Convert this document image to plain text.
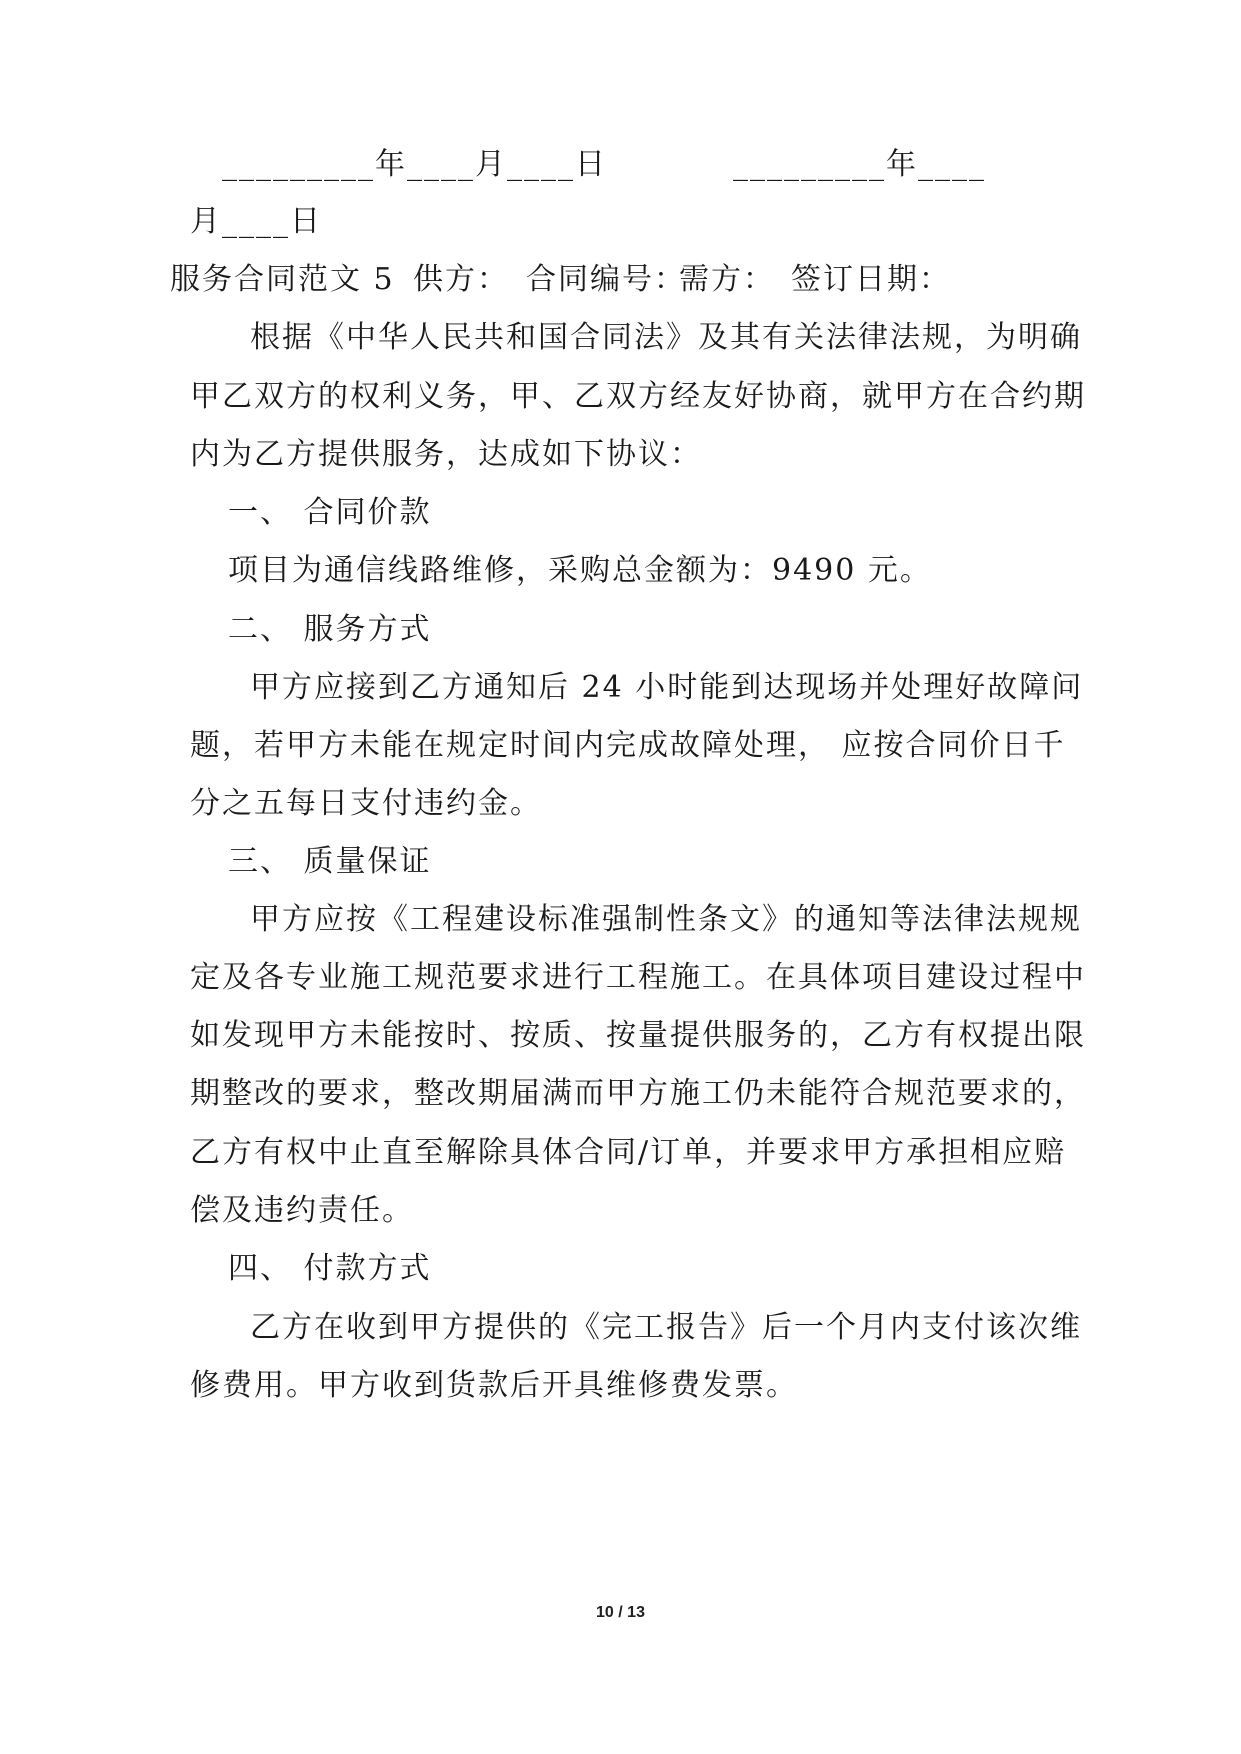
_________年____月____日	_________年____
月____日
服务合同范文 5 供方： 合同编号：
需方： 签订日期：
根据《中华人民共和国合同法》及其有关法律法规，为明确
甲乙双方的权利义务，甲、乙双方经友好协商，就甲方在合约期
内为乙方提供服务，达成如下协议：
一、 合同价款
项目为通信线路维修，采购总金额为：9490 元。
二、 服务方式
甲方应接到乙方通知后 24 小时能到达现场并处理好故障问
题，若甲方未能在规定时间内完成故障处理， 应按合同价日千
分之五每日支付违约金。
三、 质量保证
甲方应按《工程建设标准强制性条文》的通知等法律法规规
定及各专业施工规范要求进行工程施工。在具体项目建设过程中
如发现甲方未能按时、按质、按量提供服务的，乙方有权提出限
期整改的要求，整改期届满而甲方施工仍未能符合规范要求的，
乙方有权中止直至解除具体合同/订单，并要求甲方承担相应赔
偿及违约责任。
四、 付款方式
乙方在收到甲方提供的《完工报告》后一个月内支付该次维
修费用。甲方收到货款后开具维修费发票。
10 / 13
